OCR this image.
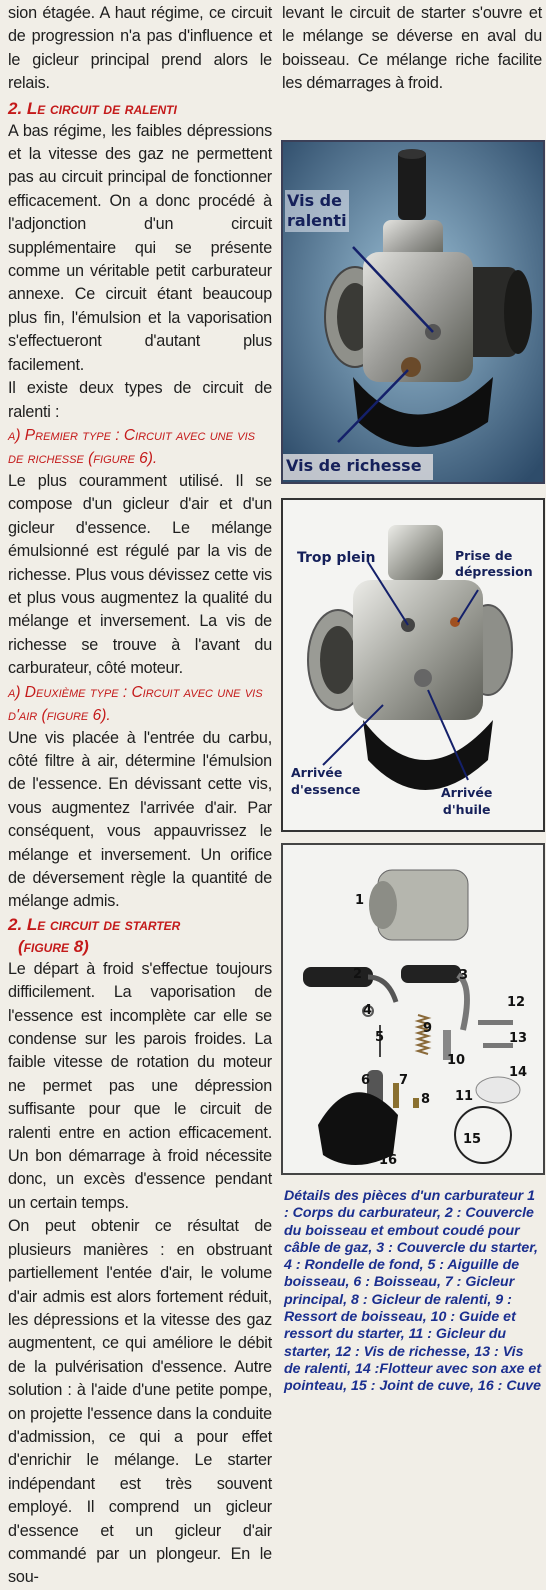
sion étagée. A haut régime, ce circuit de progression n'a pas d'influence et le gicleur principal prend alors le relais.

2. Le circuit de ralenti

A bas régime, les faibles dépressions et la vitesse des gaz ne permettent pas au circuit principal de fonctionner efficacement. On a donc procédé à l'adjonction d'un circuit supplémentaire qui se présente comme un véritable petit carburateur annexe. Ce circuit étant beaucoup plus fin, l'émulsion et la vaporisation s'effectueront d'autant plus facilement.

Il existe deux types de circuit de ralenti :

a) Premier type : Circuit avec une vis de richesse (figure 6).

Le plus couramment utilisé. Il se compose d'un gicleur d'air et d'un gicleur d'essence. Le mélange émulsionné est régulé par la vis de richesse. Plus vous dévissez cette vis et plus vous augmentez la qualité du mélange et inversement. La vis de richesse se trouve à l'avant du carburateur, côté moteur.

a) Deuxième type : Circuit avec une vis d'air (figure 6).

Une vis placée à l'entrée du carbu, côté filtre à air, détermine l'émulsion de l'essence. En dévissant cette vis, vous augmentez l'arrivée d'air. Par conséquent, vous appauvrissez le mélange et inversement. Un orifice de déversement règle la quantité de mélange admis.

2. Le circuit de starter

(figure 8)

Le départ à froid s'effectue toujours difficilement. La vaporisation de l'essence est incomplète car elle se condense sur les parois froides. La faible vitesse de rotation du moteur ne permet pas une dépression suffisante pour que le circuit de ralenti entre en action efficacement. Un bon démarrage à froid nécessite donc, un excès d'essence pendant un certain temps.

On peut obtenir ce résultat de plusieurs manières : en obstruant partiellement l'entée d'air, le volume d'air admis est alors fortement réduit, les dépressions et la vitesse des gaz augmentent, ce qui améliore le débit de la pulvérisation d'essence. Autre solution : à l'aide d'une petite pompe, on projette l'essence dans la conduite d'admission, ce qui a pour effet d'enrichir le mélange. Le starter indépendant est très souvent employé. Il comprend un gicleur d'essence et un gicleur d'air commandé par un plongeur. En le sou-

levant le circuit de starter s'ouvre et le mélange se déverse en aval du boisseau. Ce mélange riche facilite les démarrages à froid.

Vis de
ralenti
Vis de richesse
Trop plein	Prise de
dépression
Arrivée
d'essence	Arrivée
d'huile
1
2	3
4
5
6 7
8
9
10
11
12
13
14
15
16

Détails des pièces d'un carburateur 1 : Corps du carburateur, 2 : Couvercle du boisseau et embout coudé pour câble de gaz, 3 : Couvercle du starter, 4 : Rondelle de fond, 5 : Aiguille de boisseau, 6 : Boisseau, 7 : Gicleur principal, 8 : Gicleur de ralenti, 9 : Ressort de boisseau, 10 : Guide et ressort du starter, 11 : Gicleur du starter, 12 : Vis de richesse, 13 : Vis de ralenti, 14 :Flotteur avec son axe et pointeau, 15 : Joint de cuve, 16 : Cuve
